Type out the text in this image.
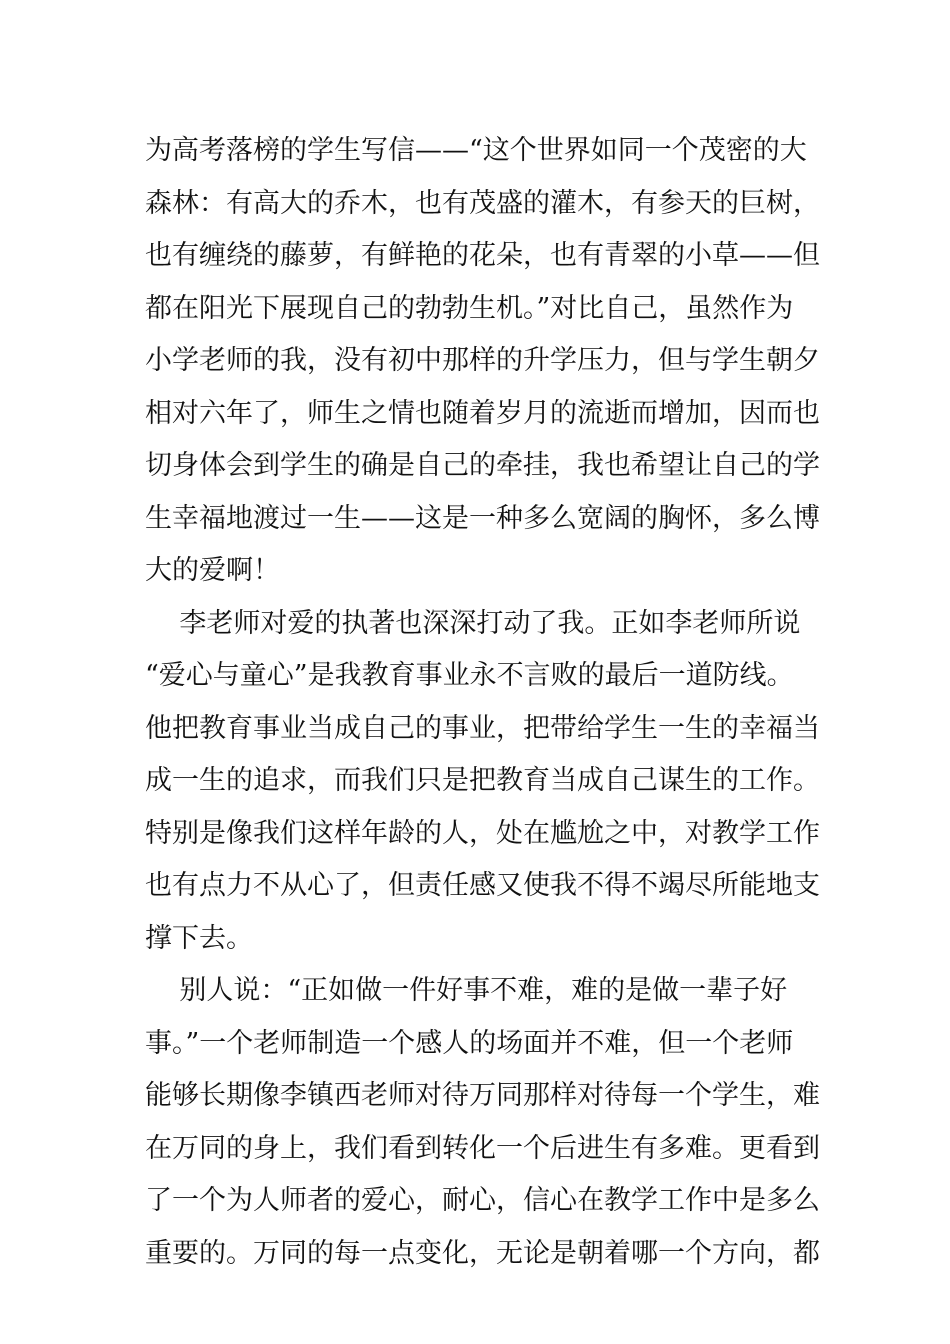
为高考落榜的学生写信——“这个世界如同一个茂密的大
森林：有高大的乔木，也有茂盛的灌木，有参天的巨树，
也有缠绕的藤萝，有鲜艳的花朵，也有青翠的小草——但
都在阳光下展现自己的勃勃生机。”对比自己，虽然作为
小学老师的我，没有初中那样的升学压力，但与学生朝夕
相对六年了，师生之情也随着岁月的流逝而增加，因而也
切身体会到学生的确是自己的牵挂，我也希望让自己的学
生幸福地渡过一生——这是一种多么宽阔的胸怀，多么博
大的爱啊！
李老师对爱的执著也深深打动了我。正如李老师所说
“爱心与童心”是我教育事业永不言败的最后一道防线。
他把教育事业当成自己的事业，把带给学生一生的幸福当
成一生的追求，而我们只是把教育当成自己谋生的工作。
特别是像我们这样年龄的人，处在尴尬之中，对教学工作
也有点力不从心了，但责任感又使我不得不竭尽所能地支
撑下去。
别人说：“正如做一件好事不难，难的是做一辈子好
事。”一个老师制造一个感人的场面并不难，但一个老师
能够长期像李镇西老师对待万同那样对待每一个学生，难
在万同的身上，我们看到转化一个后进生有多难。更看到
了一个为人师者的爱心，耐心，信心在教学工作中是多么
重要的。万同的每一点变化，无论是朝着哪一个方向，都
